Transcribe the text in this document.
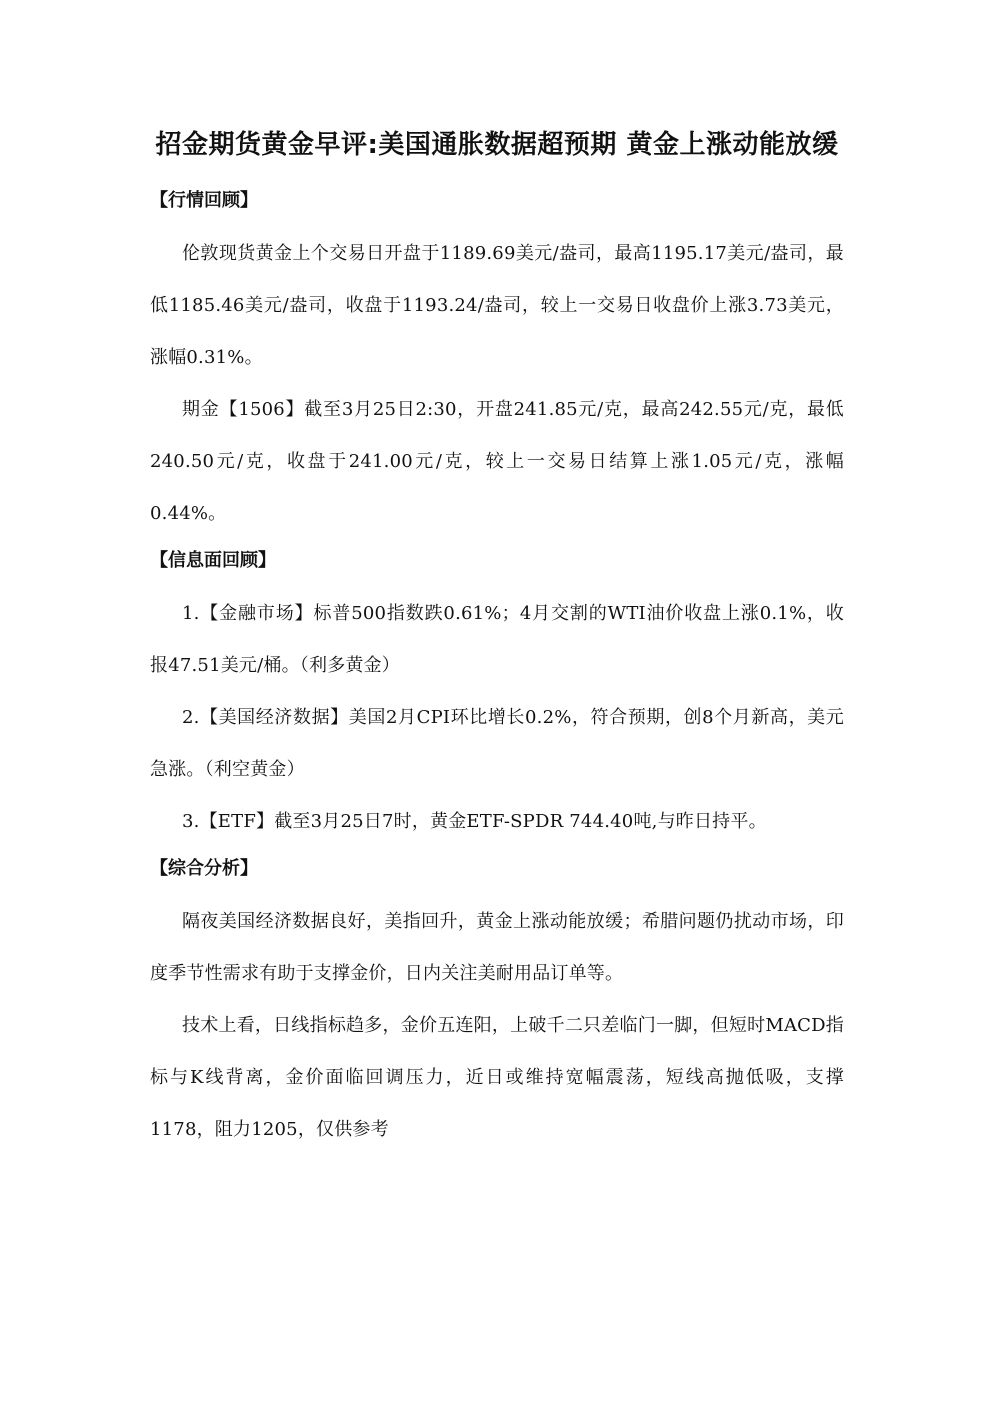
招金期货黄金早评:美国通胀数据超预期 黄金上涨动能放缓
【行情回顾】

伦敦现货黄金上个交易日开盘于1189.69美元/盎司，最高1195.17美元/盎司，最低1185.46美元/盎司，收盘于1193.24/盎司，较上一交易日收盘价上涨3.73美元，涨幅0.31%。

期金【1506】截至3月25日2:30，开盘241.85元/克，最高242.55元/克，最低240.50元/克，收盘于241.00元/克，较上一交易日结算上涨1.05元/克，涨幅0.44%。

【信息面回顾】

1.【金融市场】标普500指数跌0.61%；4月交割的WTI油价收盘上涨0.1%，收报47.51美元/桶。（利多黄金）

2.【美国经济数据】美国2月CPI环比增长0.2%，符合预期，创8个月新高，美元急涨。（利空黄金）

3.【ETF】截至3月25日7时，黄金ETF-SPDR 744.40吨,与昨日持平。

【综合分析】

隔夜美国经济数据良好，美指回升，黄金上涨动能放缓；希腊问题仍扰动市场，印度季节性需求有助于支撑金价，日内关注美耐用品订单等。

技术上看，日线指标趋多，金价五连阳，上破千二只差临门一脚，但短时MACD指标与K线背离，金价面临回调压力，近日或维持宽幅震荡，短线高抛低吸，支撑1178，阻力1205，仅供参考
